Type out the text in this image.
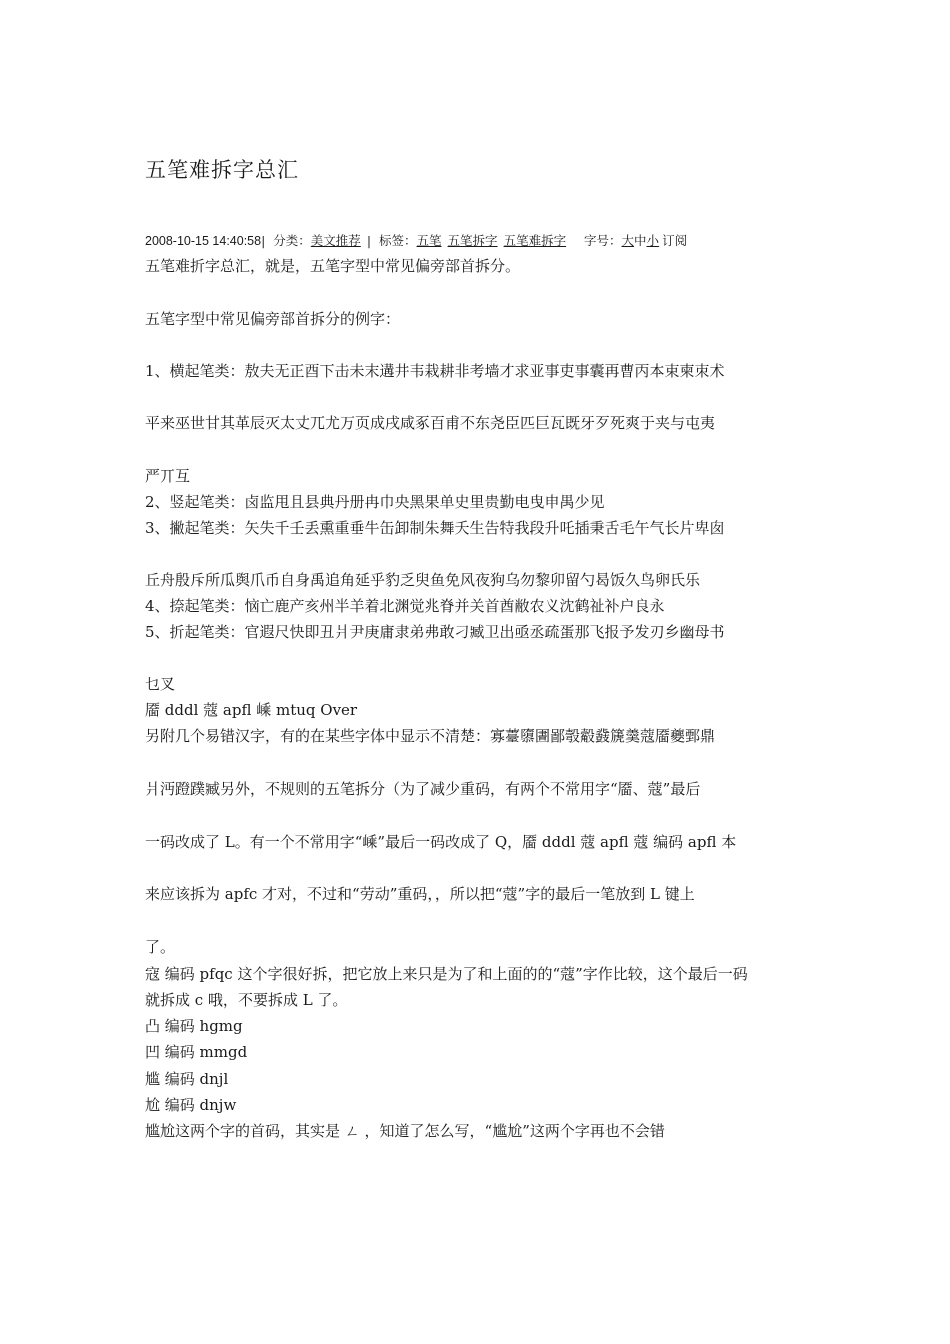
五笔难拆字总汇
2008-10-15 14:40:58| 分类：美文推荐 | 标签：五笔 五笔拆字 五笔难拆字 字号：大中小 订阅
五笔难折字总汇，就是，五笔字型中常见偏旁部首拆分。
五笔字型中常见偏旁部首拆分的例字：
1、横起笔类：敖夫无正酉下击未末遘井韦栽耕非考墙才求亚事吏事囊再曹丙本束柬朿术
平来巫世甘其革辰灭太丈兀尤万页成戌咸豖百甫不东尧臣匹巨瓦既牙歹死爽于夹与屯夷
严丌互
2、竖起笔类：卤监甩且县典丹册冉巾央黑果单史里贵勤电曳申禺少见
3、撇起笔类：矢失千壬丢熏重垂牛缶卸制朱舞夭生告特我段升吒插秉舌毛午气长片卑囱
丘舟殷斥所瓜舆爪币自身禹追角延乎豹乏臾鱼免风夜狗乌勿黎卯留勺曷饭久鸟卵氏乐
4、捺起笔类：恼亡鹿产亥州半羊着北渊觉兆脊并关首酋敝农义沈鹤祉补户良永
5、折起笔类：官遐尺快即丑爿尹庚庸隶弟弗敢刁臧卫出亟丞疏蛋那飞报予发刃乡幽母书
乜叉
靥 dddl 蔻 apfl 嵊 mtuq Over
另附几个易错汉字，有的在某些字体中显示不清楚：寡薹隳圕鄙彀觳鼗篪羹蔻靥夔鄄鼎
爿沔蹬蹼臧另外，不规则的五笔拆分（为了减少重码，有两个不常用字“靥、蔻”最后
一码改成了 L。有一个不常用字“嵊”最后一码改成了 Q，靥 dddl 蔻 apfl 蔻 编码 apfl 本
来应该拆为 apfc 才对，不过和“劳动”重码，，所以把“蔻”字的最后一笔放到 L 键上
了。
寇 编码 pfqc 这个字很好拆，把它放上来只是为了和上面的的“蔻”字作比较，这个最后一码
就拆成 c 哦，不要拆成 L 了。
凸 编码 hgmg
凹 编码 mmgd
尴 编码 dnjl
尬 编码 dnjw
尴尬这两个字的首码，其实是 ㄥ ，知道了怎么写，“尴尬”这两个字再也不会错
